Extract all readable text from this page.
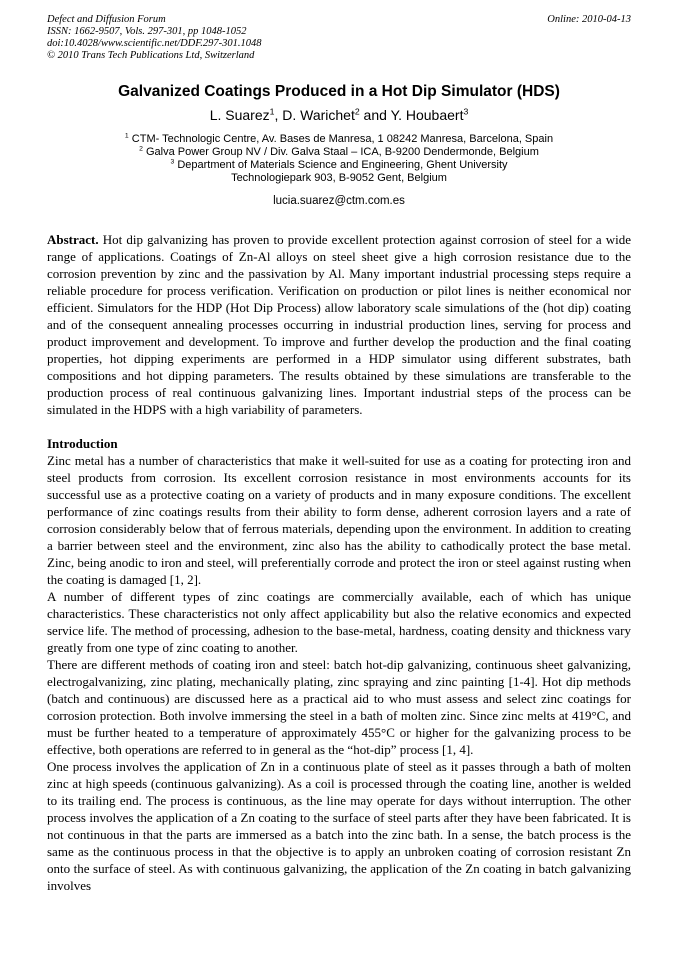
Defect and Diffusion Forum
ISSN: 1662-9507, Vols. 297-301, pp 1048-1052
doi:10.4028/www.scientific.net/DDF.297-301.1048
© 2010 Trans Tech Publications Ltd, Switzerland
Online: 2010-04-13
Galvanized Coatings Produced in a Hot Dip Simulator (HDS)
L. Suarez$^1$, D. Warichet$^2$ and Y. Houbaert$^3$
$^1$ CTM- Technologic Centre, Av. Bases de Manresa, 1 08242 Manresa, Barcelona, Spain
$^2$ Galva Power Group NV / Div. Galva Staal – ICA, B-9200 Dendermonde, Belgium
$^3$ Department of Materials Science and Engineering, Ghent University
Technologiepark 903, B-9052 Gent, Belgium
lucia.suarez@ctm.com.es

Abstract. Hot dip galvanizing has proven to provide excellent protection against corrosion of steel for a wide range of applications. Coatings of Zn-Al alloys on steel sheet give a high corrosion resistance due to the corrosion prevention by zinc and the passivation by Al. Many important industrial processing steps require a reliable procedure for process verification. Verification on production or pilot lines is neither economical nor efficient. Simulators for the HDP (Hot Dip Process) allow laboratory scale simulations of the (hot dip) coating and of the consequent annealing processes occurring in industrial production lines, serving for process and product improvement and development. To improve and further develop the production and the final coating properties, hot dipping experiments are performed in a HDP simulator using different substrates, bath compositions and hot dipping parameters. The results obtained by these simulations are transferable to the production process of real continuous galvanizing lines. Important industrial steps of the process can be simulated in the HDPS with a high variability of parameters.

Introduction

Zinc metal has a number of characteristics that make it well-suited for use as a coating for protecting iron and steel products from corrosion. Its excellent corrosion resistance in most environments accounts for its successful use as a protective coating on a variety of products and in many exposure conditions. The excellent performance of zinc coatings results from their ability to form dense, adherent corrosion layers and a rate of corrosion considerably below that of ferrous materials, depending upon the environment. In addition to creating a barrier between steel and the environment, zinc also has the ability to cathodically protect the base metal. Zinc, being anodic to iron and steel, will preferentially corrode and protect the iron or steel against rusting when the coating is damaged [1, 2].

A number of different types of zinc coatings are commercially available, each of which has unique characteristics. These characteristics not only affect applicability but also the relative economics and expected service life. The method of processing, adhesion to the base-metal, hardness, coating density and thickness vary greatly from one type of zinc coating to another.

There are different methods of coating iron and steel: batch hot-dip galvanizing, continuous sheet galvanizing, electrogalvanizing, zinc plating, mechanically plating, zinc spraying and zinc painting [1-4]. Hot dip methods (batch and continuous) are discussed here as a practical aid to who must assess and select zinc coatings for corrosion protection. Both involve immersing the steel in a bath of molten zinc. Since zinc melts at 419°C, and must be further heated to a temperature of approximately 455°C or higher for the galvanizing process to be effective, both operations are referred to in general as the “hot-dip” process [1, 4].

One process involves the application of Zn in a continuous plate of steel as it passes through a bath of molten zinc at high speeds (continuous galvanizing). As a coil is processed through the coating line, another is welded to its trailing end. The process is continuous, as the line may operate for days without interruption. The other process involves the application of a Zn coating to the surface of steel parts after they have been fabricated. It is not continuous in that the parts are immersed as a batch into the zinc bath. In a sense, the batch process is the same as the continuous process in that the objective is to apply an unbroken coating of corrosion resistant Zn onto the surface of steel. As with continuous galvanizing, the application of the Zn coating in batch galvanizing involves
